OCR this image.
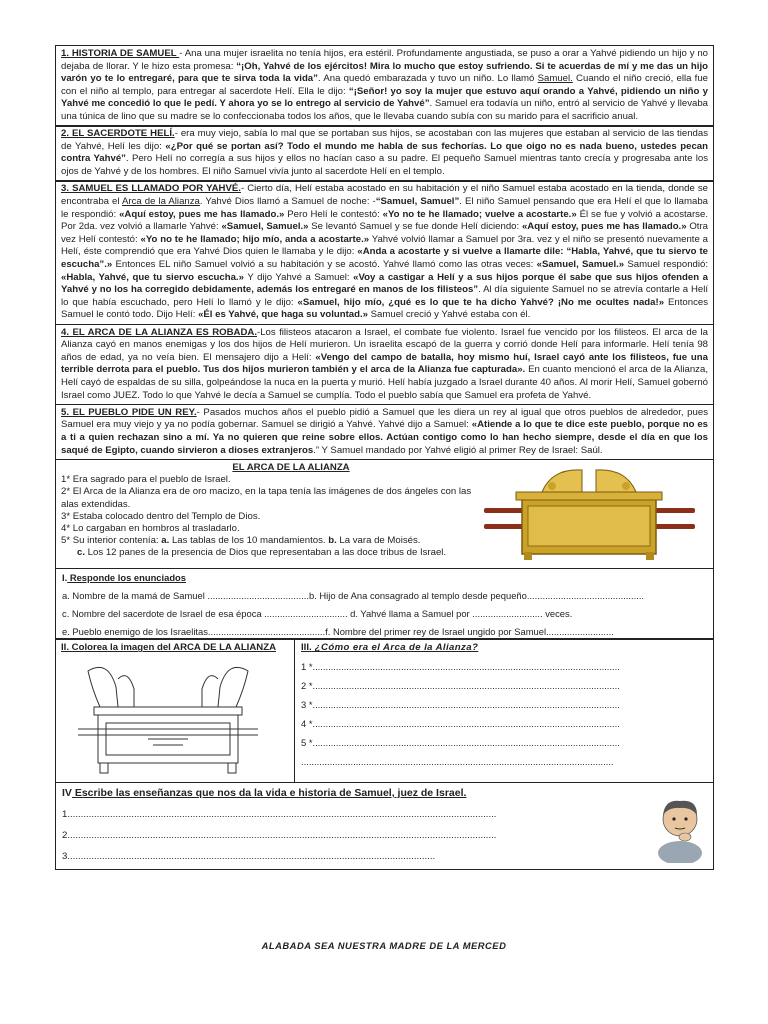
1. HISTORIA DE SAMUEL - Ana una mujer israelita no tenía hijos, era estéril. Profundamente angustiada, se puso a orar a Yahvé pidiendo un hijo y no dejaba de llorar. Y le hizo esta promesa: “¡Oh, Yahvé de los ejércitos! Mira lo mucho que estoy sufriendo. Si te acuerdas de mí y me das un hijo varón yo te lo entregaré, para que te sirva toda la vida”. Ana quedó embarazada y tuvo un niño. Lo llamó Samuel. Cuando el niño creció, ella fue con el niño al templo, para entregar al sacerdote Helí. Ella le dijo: “¡Señor! yo soy la mujer que estuvo aquí orando a Yahvé, pidiendo un niño y Yahvé me concedió lo que le pedí. Y ahora yo se lo entrego al servicio de Yahvé”. Samuel era todavía un niño, entró al servicio de Yahvé y llevaba una túnica de lino que su madre se lo confeccionaba todos los años, que le llevaba cuando subía con su marido para el sacrificio anual.
2. EL SACERDOTE HELÍ.- era muy viejo, sabía lo mal que se portaban sus hijos, se acostaban con las mujeres que estaban al servicio de las tiendas de Yahvé, Helí les dijo: «¿Por qué se portan así? Todo el mundo me habla de sus fechorías. Lo que oigo no es nada bueno, ustedes pecan contra Yahvé”. Pero Helí no corregía a sus hijos y ellos no hacían caso a su padre. El pequeño Samuel mientras tanto crecía y progresaba ante los ojos de Yahvé y de los hombres. El niño Samuel vivía junto al sacerdote Helí en el templo.
3. SAMUEL ES LLAMADO POR YAHVÉ.- Cierto día, Helí estaba acostado en su habitación y el niño Samuel estaba acostado en la tienda, donde se encontraba el Arca de la Alianza. Yahvé Dios llamó a Samuel de noche: -“Samuel, Samuel”. El niño Samuel pensando que era Helí el que lo llamaba le respondió: «Aquí estoy, pues me has llamado.» Pero Helí le contestó: «Yo no te he llamado; vuelve a acostarte.» Él se fue y volvió a acostarse. Por 2da. vez volvió a llamarle Yahvé: «Samuel, Samuel.» Se levantó Samuel y se fue donde Helí diciendo: «Aquí estoy, pues me has llamado.» Otra vez Helí contestó: «Yo no te he llamado; hijo mío, anda a acostarte.» Yahvé volvió llamar a Samuel por 3ra. vez y el niño se presentó nuevamente a Helí, éste comprendió que era Yahvé Dios quien le llamaba y le dijo: «Anda a acostarte y si vuelve a llamarte dile: “Habla, Yahvé, que tu siervo te escucha”.» Entonces EL niño Samuel volvió a su habitación y se acostó. Yahvé llamó como las otras veces: «Samuel, Samuel.» Samuel respondió: «Habla, Yahvé, que tu siervo escucha.» Y dijo Yahvé a Samuel: «Voy a castigar a Helí y a sus hijos porque él sabe que sus hijos ofenden a Yahvé y no los ha corregido debidamente, además los entregaré en manos de los filisteos”. Al día siguiente Samuel no se atrevía contarle a Helí lo que había escuchado, pero Helí lo llamó y le dijo: «Samuel, hijo mío, ¿qué es lo que te ha dicho Yahvé? ¡No me ocultes nada!» Entonces Samuel le contó todo. Dijo Helí: «Él es Yahvé, que haga su voluntad.» Samuel creció y Yahvé estaba con él.
4. EL ARCA DE LA ALIANZA ES ROBADA.-Los filisteos atacaron a Israel, el combate fue violento. Israel fue vencido por los filisteos. El arca de la Alianza cayó en manos enemigas y los dos hijos de Helí murieron. Un israelita escapó de la guerra y corrió donde Helí para informarle. Helí tenía 98 años de edad, ya no veía bien. El mensajero dijo a Helí: «Vengo del campo de batalla, hoy mismo huí, Israel cayó ante los filisteos, fue una terrible derrota para el pueblo. Tus dos hijos murieron también y el arca de la Alianza fue capturada». En cuanto mencionó el arca de la Alianza, Helí cayó de espaldas de su silla, golpeándose la nuca en la puerta y murió. Helí había juzgado a Israel durante 40 años. Al morir Helí, Samuel gobernó Israel como JUEZ. Todo lo que Yahvé le decía a Samuel se cumplía. Todo el pueblo sabía que Samuel era profeta de Yahvé.
5. EL PUEBLO PIDE UN REY.- Pasados muchos años el pueblo pidió a Samuel que les diera un rey al igual que otros pueblos de alrededor, pues Samuel era muy viejo y ya no podía gobernar. Samuel se dirigió a Yahvé. Yahvé dijo a Samuel: «Atiende a lo que te dice este pueblo, porque no es a ti a quien rechazan sino a mí. Ya no quieren que reine sobre ellos. Actúan contigo como lo han hecho siempre, desde el día en que los saqué de Egipto, cuando sirvieron a dioses extranjeros.” Y Samuel mandado por Yahvé eligió al primer Rey de Israel: Saúl.
EL ARCA DE LA ALIANZA
1* Era sagrado para el pueblo de Israel.
2* El Arca de la Alianza era de oro macizo, en la tapa tenía las imágenes de dos ángeles con las alas extendidas.
3* Estaba colocado dentro del Templo de Dios.
4* Lo cargaban en hombros al trasladarlo.
5* Su interior contenía: a. Las tablas de los 10 mandamientos. b. La vara de Moisés.
c. Los 12 panes de la presencia de Dios que representaban a las doce tribus de Israel.
I. Responde los enunciados
a. Nombre de la mamá de Samuel .......................................b. Hijo de Ana consagrado al templo desde pequeño.............................................
c. Nombre del sacerdote de Israel de esa época ................................ d. Yahvé llama a Samuel por ........................... veces.
e. Pueblo enemigo de los Israelitas.............................................f. Nombre del primer rey de Israel ungido por Samuel..........................
II. Colorea la imagen del ARCA DE LA ALIANZA	III. ¿Cómo era el Arca de la Alianza?
1 *......................................................................................................................
2 *......................................................................................................................
3 *......................................................................................................................
4 *......................................................................................................................
5 *......................................................................................................................
........................................................................................................................
IV Escribe las enseñanzas que nos da la vida e historia de Samuel, juez de Israel.
1.................................................................................................................................................................
2.................................................................................................................................................................
3..........................................................................................................................................
ALABADA SEA NUESTRA MADRE DE LA MERCED
